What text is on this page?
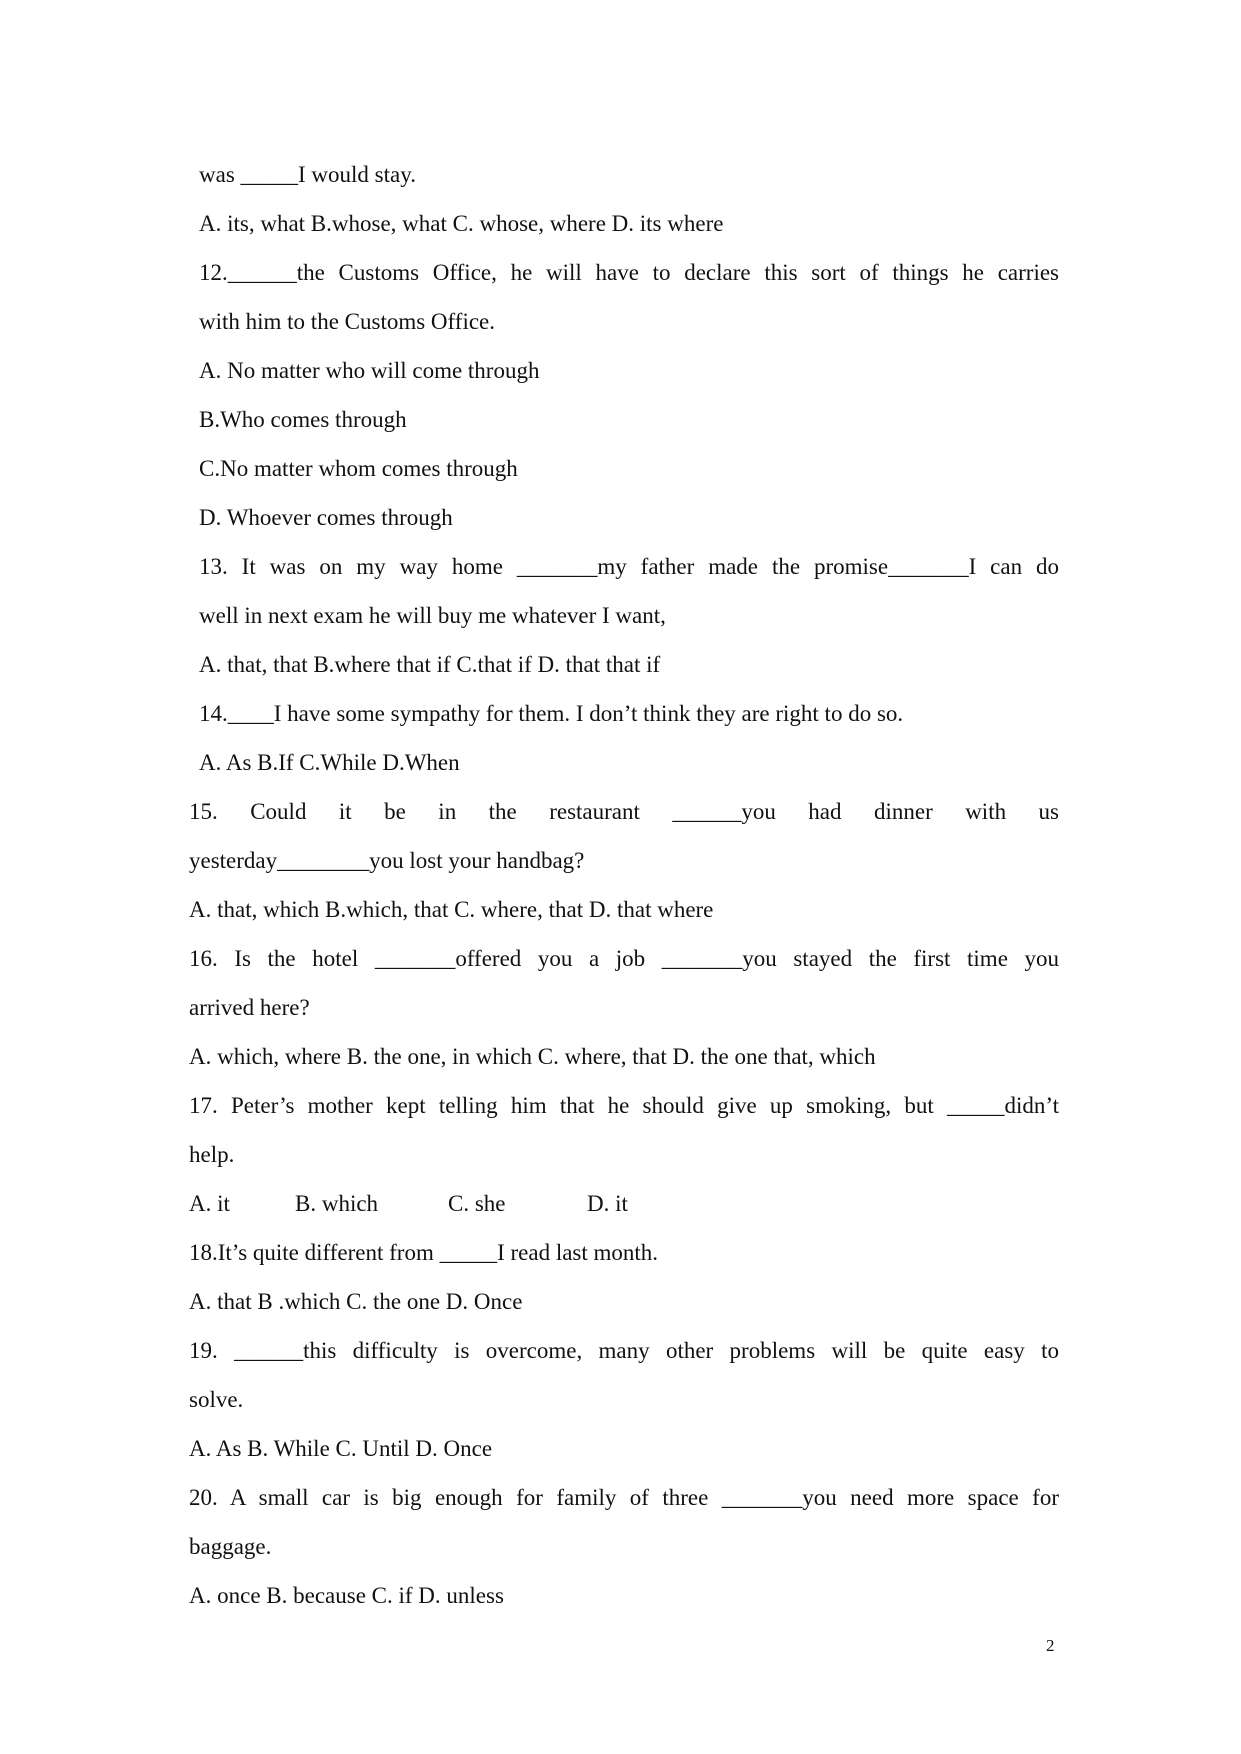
was _____I would stay.
A. its, what B.whose, what C. whose, where D. its where
12.______the Customs Office, he will have to declare this sort of things he carries
with him to the Customs Office.
A. No matter who will come through
B.Who comes through
C.No matter whom comes through
D. Whoever comes through
13. It was on my way home _______my father made the promise_______I can do
well in next exam he will buy me whatever I want,
A. that, that B.where that if C.that if D. that that if
14.____I have some sympathy for them. I don’t think they are right to do so.
A. As B.If C.While D.When
15. Could it be in the restaurant ______you had dinner with us
yesterday________you lost your handbag?
A. that, which B.which, that C. where, that D. that where
16. Is the hotel _______offered you a job _______you stayed the first time you
arrived here?
A. which, where B. the one, in which C. where, that D. the one that, which
17. Peter’s mother kept telling him that he should give up smoking, but _____didn’t
help.

A. it

	B. which

	C. she

	D. it

18.It’s quite different from _____I read last month.
A. that B .which C. the one D. Once
19. ______this difficulty is overcome, many other problems will be quite easy to
solve.
A. As B. While C. Until D. Once
20. A small car is big enough for family of three _______you need more space for
baggage.
A. once B. because C. if D. unless
2
